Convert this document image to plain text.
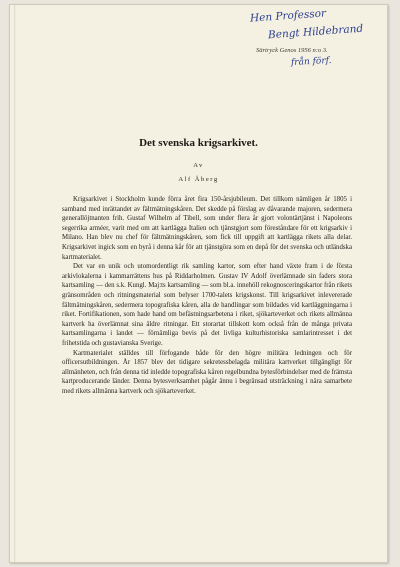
Hen Professor
Bengt Hildebrand
Särtryck Genos 1956 n:o 3.
från förf.
Det svenska krigsarkivet.
Av
Alf Åberg

Krigsarkivet i Stockholm kunde förra året fira 150-årsjubileum. Det tillkom nämligen år 1805 i samband med inrättandet av fältmätningskåren. Det skedde på förslag av dåvarande majoren, sedermera generallöjtnanten frih. Gustaf Wilhelm af Tibell, som under flera år gjort volontärtjänst i Napoleons segerrika arméer, varit med om att kartlägga Italien och tjänstgjort som föreståndare för ett krigsarkiv i Milano. Han blev nu chef för fältmätningskåren, som fick till uppgift att kartlägga rikets alla delar. Krigsarkivet ingick som en byrå i denna kår för att tjänstgöra som en depå för det svenska och utländska kartmaterialet.

Det var en unik och utomordentligt rik samling kartor, som efter hand växte fram i de första arkivlokalerna i kammarrättens hus på Riddarholmen. Gustav IV Adolf överlämnade sin faders stora kartsamling — den s.k. Kungl. Maj:ts kartsamling — som bl.a. innehöll rekognosceringskartor från rikets gränsområden och ritningsmaterial som belyser 1700-talets krigskonst. Till krigsarkivet inlevererade fältmätningskåren, sedermera topografiska kåren, alla de handlingar som bildades vid kartläggningarna i riket. Fortifikationen, som hade hand om befästningsarbetena i riket, sjökarteverket och rikets allmänna kartverk ha överlämnat sina äldre ritningar. Ett storartat tillskott kom också från de många privata kartsamlingarna i landet — förnämliga bevis på det livliga kulturhistoriska samlarintresset i det frihetstida och gustavianska Sverige.

Kartmaterialet ställdes till förfogande både för den högre militära ledningen och för officersutbildningen. År 1857 blev det tidigare sekretessbelagda militära kartverket tillgängligt för allmänheten, och från denna tid inledde topografiska kåren regelbundna bytesförbindelser med de främsta kartproducerande länder. Denna bytesverksamhet pågår ännu i begränsad utsträckning i nära samarbete med rikets allmänna kartverk och sjökarteverket.
